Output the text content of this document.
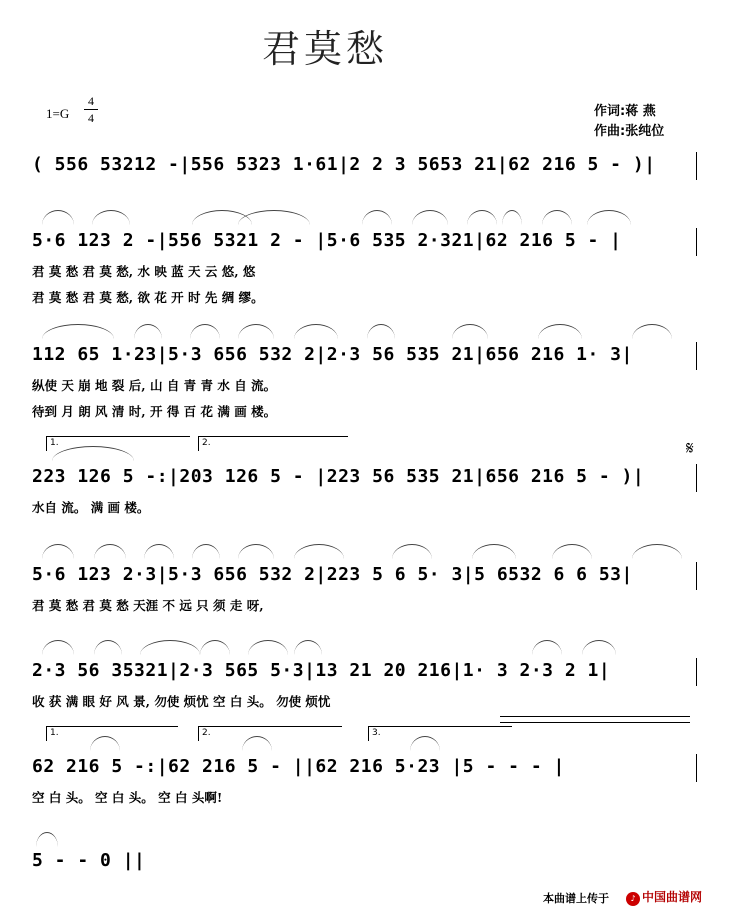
君莫愁
1=G
4
4	作词:蒋 燕
作曲:张纯位
( 556 53212 -|556 5323 1·61|2 2 3 5653 21|62 216 5 - )|
5·6 123 2 -|556 5321 2 - |5·6 535 2·321|62 216 5 - |
君 莫 愁 君 莫 愁, 水 映 蓝 天 云 悠, 悠
君 莫 愁 君 莫 愁, 欲 花 开 时 先 绸 缪。
112 65 1·23|5·3 656 532 2|2·3 56 535 21|656 216 1· 3|
纵使 天 崩 地 裂 后, 山 自 青 青 水 自 流。
待到 月 朗 风 清 时, 开 得 百 花 满 画 楼。
1.	2.
223 126 5 -:|203 126 5 - |223 56 535 21|656 216 5 - )|
水自 流。 满 画 楼。
𝄋
5·6 123 2·3|5·3 656 532 2|223 5 6 5· 3|5 6532 6 6 53|
君 莫 愁 君 莫 愁 天涯 不 远 只 须 走 呀,
2·3 56 35321|2·3 565 5·3|13 21 20 216|1· 3 2·3 2 1|
收 获 满 眼 好 风 景, 勿使 烦忧 空 白 头。 勿使 烦忧
1.	2.	3.
62 216 5 -:|62 216 5 - ||62 216 5·23 |5 - - - |
空 白 头。 空 白 头。 空 白 头啊!
5 - - 0 ||
本曲谱上传于	♪ 中国曲谱网
